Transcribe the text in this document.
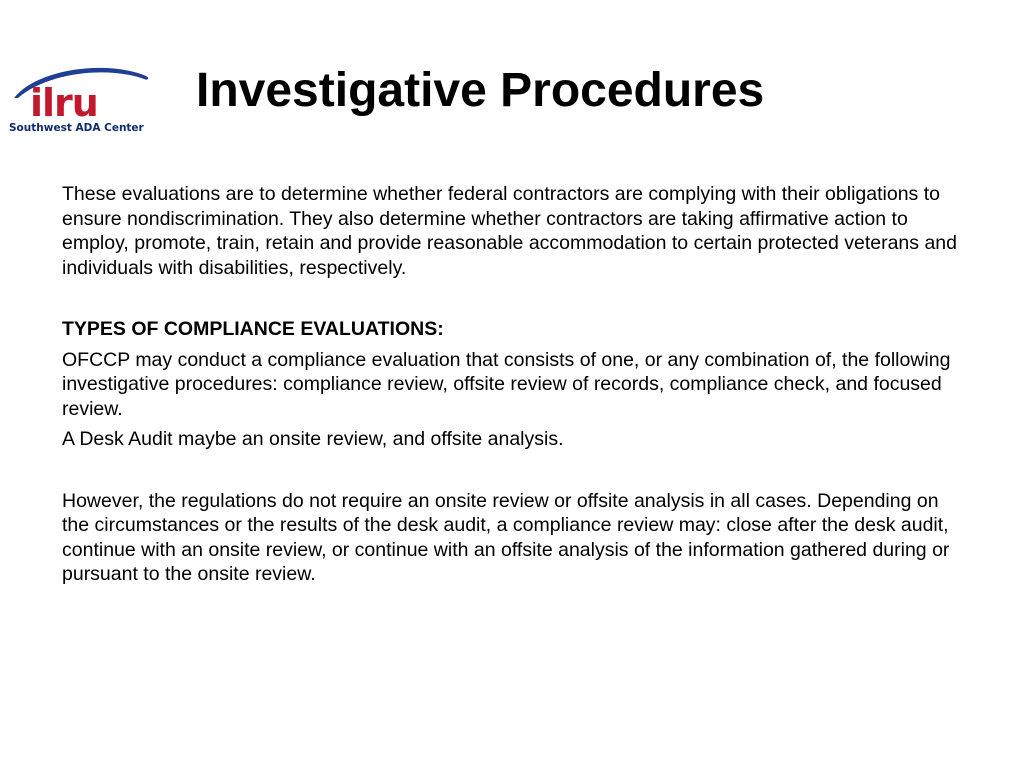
ilru
Southwest ADA Center
Investigative Procedures

These evaluations are to determine whether federal contractors are complying with their obligations to ensure nondiscrimination. They also determine whether contractors are taking affirmative action to employ, promote, train, retain and provide reasonable accommodation to certain protected veterans and individuals with disabilities, respectively.

TYPES OF COMPLIANCE EVALUATIONS:

OFCCP may conduct a compliance evaluation that consists of one, or any combination of, the following investigative procedures: compliance review, offsite review of records, compliance check, and focused review.

A Desk Audit maybe an onsite review, and offsite analysis.

However, the regulations do not require an onsite review or offsite analysis in all cases. Depending on the circumstances or the results of the desk audit, a compliance review may: close after the desk audit, continue with an onsite review, or continue with an offsite analysis of the information gathered during or pursuant to the onsite review.
